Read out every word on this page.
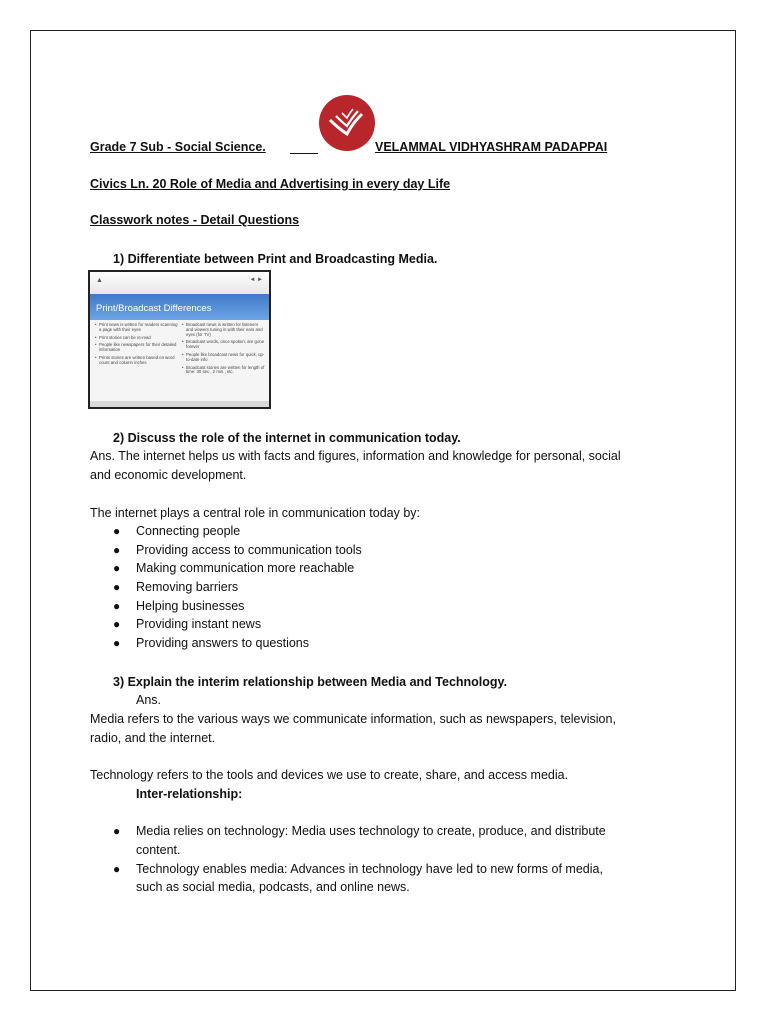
Grade 7 Sub - Social Science.	VELAMMAL VIDHYASHRAM PADAPPAI
Civics Ln. 20 Role of Media and Advertising in every day Life
Classwork notes - Detail Questions
1) Differentiate between Print and Broadcasting Media.
▲	◄ ►
Print/Broadcast Differences
• Print news is written for readers scanning a page with their eyes
• Print stories can be re-read
• People like newspapers for their detailed information
• Prints stories are written based on word count and column inches
• Broadcast news is written for listeners and viewers tuning in with their ears and eyes (for TV)
• Broadcast words, once spoken, are gone forever
• People like broadcast news for quick, up-to-date info
• Broadcast stories are written for length of time: 30 sec., 2 min., etc.
2) Discuss the role of the internet in communication today.
Ans. The internet helps us with facts and figures, information and knowledge for personal, social
and economic development.
The internet plays a central role in communication today by:
● Connecting people
● Providing access to communication tools
● Making communication more reachable
● Removing barriers
● Helping businesses
● Providing instant news
● Providing answers to questions
3) Explain the interim relationship between Media and Technology.
Ans.
Media refers to the various ways we communicate information, such as newspapers, television,
radio, and the internet.
Technology refers to the tools and devices we use to create, share, and access media.
Inter-relationship:
● Media relies on technology: Media uses technology to create, produce, and distribute
content.
● Technology enables media: Advances in technology have led to new forms of media,
such as social media, podcasts, and online news.
